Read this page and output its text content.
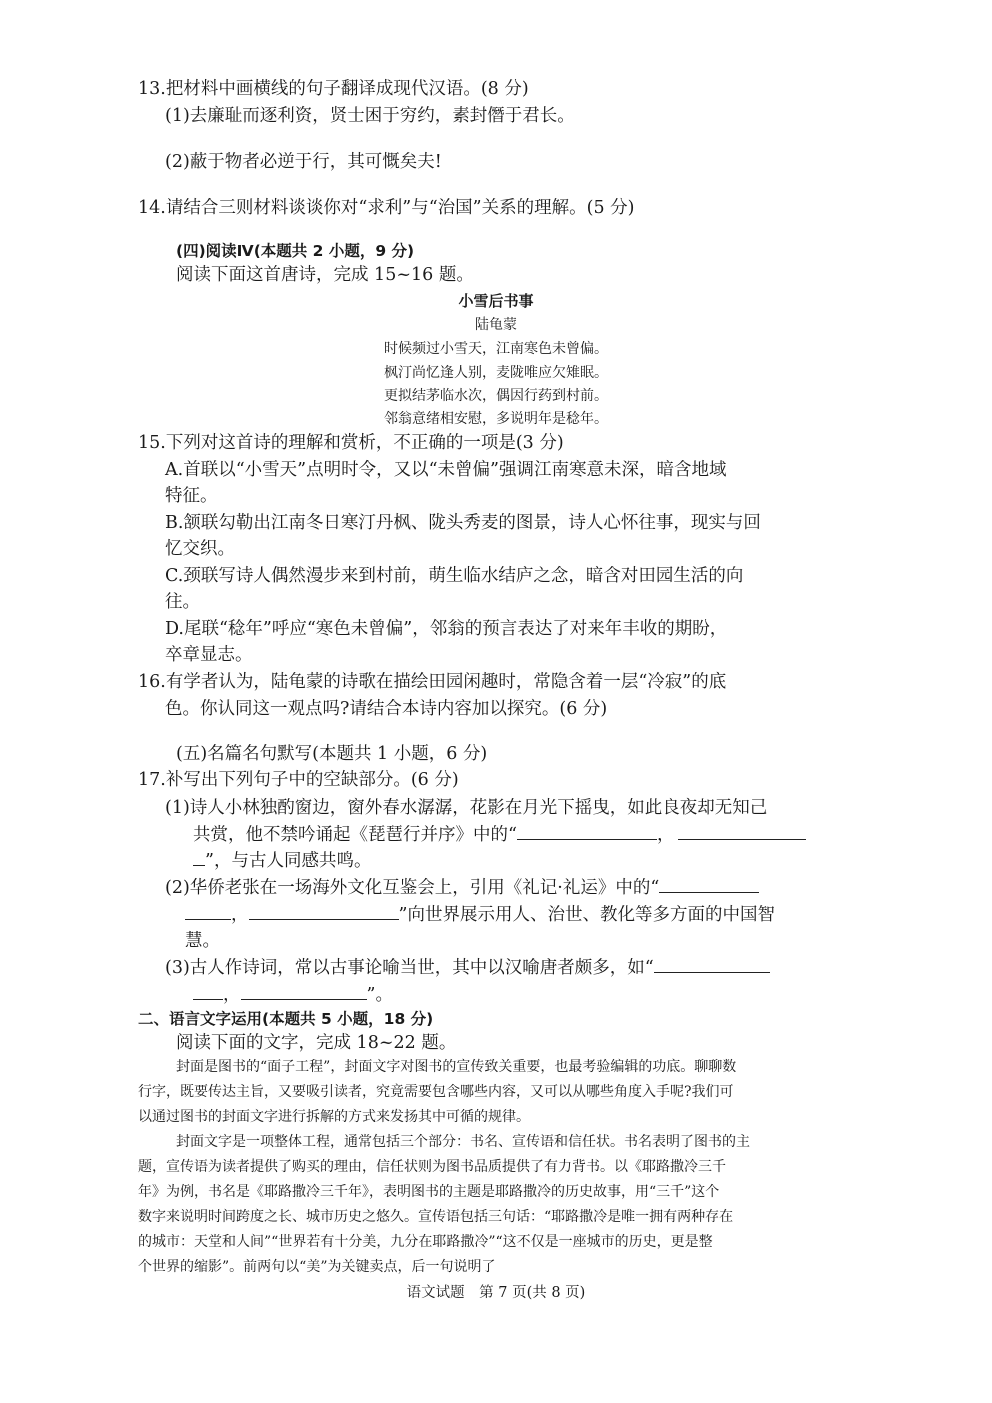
13.把材料中画横线的句子翻译成现代汉语。(8 分)
(1)去廉耻而逐利资，贤士困于穷约，素封僭于君长。
(2)蔽于物者必逆于行，其可慨矣夫!
14.请结合三则材料谈谈你对“求利”与“治国”关系的理解。(5 分)
(四)阅读Ⅳ(本题共 2 小题，9 分)
阅读下面这首唐诗，完成 15~16 题。
小雪后书事
陆龟蒙
时候频过小雪天，江南寒色未曾偏。
枫汀尚忆逢人别，麦陇唯应欠雉眠。
更拟结茅临水次，偶因行药到村前。
邻翁意绪相安慰，多说明年是稔年。
15.下列对这首诗的理解和赏析，不正确的一项是(3 分)
A.首联以“小雪天”点明时令，又以“未曾偏”强调江南寒意未深，暗含地域
特征。
B.颔联勾勒出江南冬日寒汀丹枫、陇头秀麦的图景，诗人心怀往事，现实与回
忆交织。
C.颈联写诗人偶然漫步来到村前，萌生临水结庐之念，暗含对田园生活的向
往。
D.尾联“稔年”呼应“寒色未曾偏”，邻翁的预言表达了对来年丰收的期盼，
卒章显志。
16.有学者认为，陆龟蒙的诗歌在描绘田园闲趣时，常隐含着一层“冷寂”的底
色。你认同这一观点吗?请结合本诗内容加以探究。(6 分)
(五)名篇名句默写(本题共 1 小题，6 分)
17.补写出下列句子中的空缺部分。(6 分)
(1)诗人小林独酌窗边，窗外春水潺潺，花影在月光下摇曳，如此良夜却无知己
共赏，他不禁吟诵起《琵琶行并序》中的“	，
”，与古人同感共鸣。
(2)华侨老张在一场海外文化互鉴会上，引用《礼记·礼运》中的“
，	”向世界展示用人、治世、教化等多方面的中国智
慧。
(3)古人作诗词，常以古事论喻当世，其中以汉喻唐者颇多，如“
，	”。
二、语言文字运用(本题共 5 小题，18 分)
阅读下面的文字，完成 18~22 题。
封面是图书的“面子工程”，封面文字对图书的宣传致关重要，也最考验编辑的功底。聊聊数
行字，既要传达主旨，又要吸引读者，究竟需要包含哪些内容，又可以从哪些角度入手呢?我们可
以通过图书的封面文字进行拆解的方式来发扬其中可循的规律。
封面文字是一项整体工程，通常包括三个部分：书名、宣传语和信任状。书名表明了图书的主
题，宣传语为读者提供了购买的理由，信任状则为图书品质提供了有力背书。以《耶路撒冷三千
年》为例，书名是《耶路撒冷三千年》，表明图书的主题是耶路撒冷的历史故事，用“三千”这个
数字来说明时间跨度之长、城市历史之悠久。宣传语包括三句话：“耶路撒冷是唯一拥有两种存在
的城市：天堂和人间”“世界若有十分美，九分在耶路撒冷”“这不仅是一座城市的历史，更是整
个世界的缩影”。前两句以“美”为关键卖点，后一句说明了
语文试题　第 7 页(共 8 页)
